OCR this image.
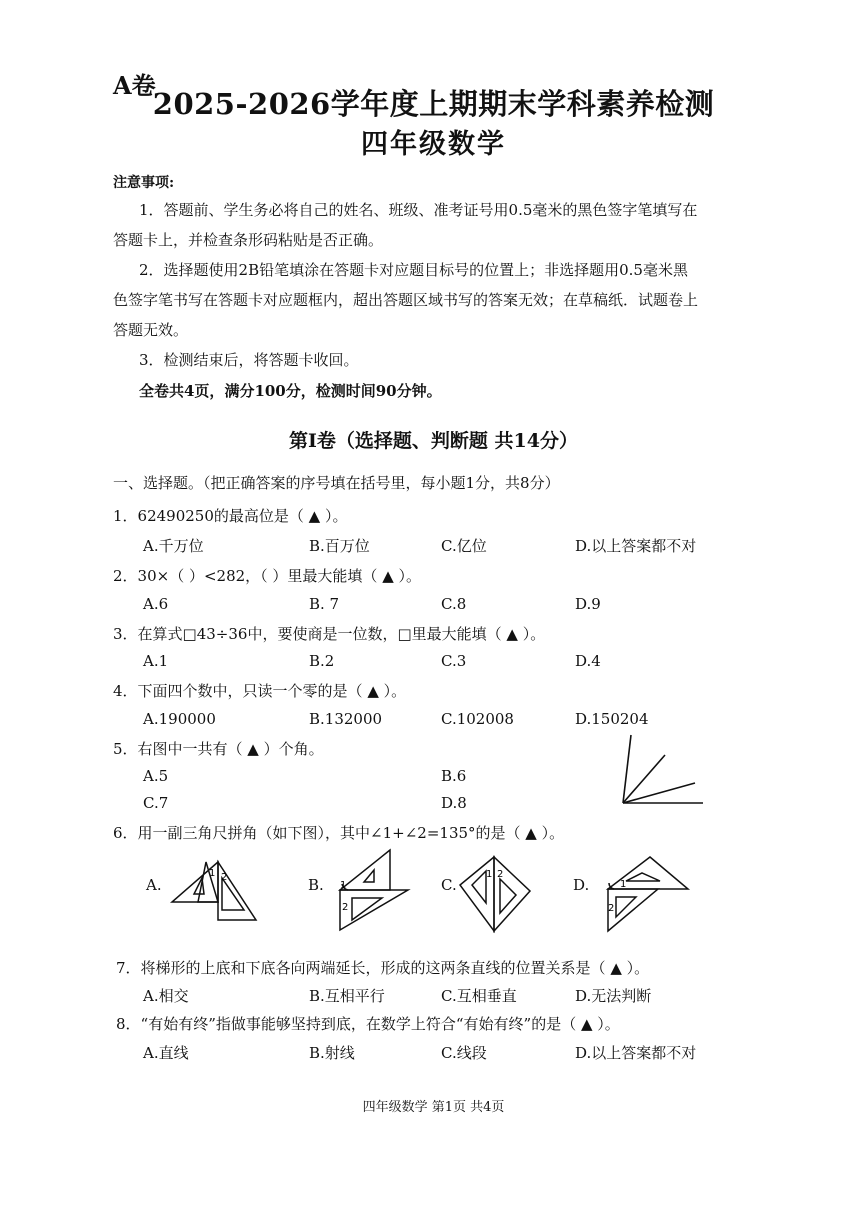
A卷
2025-2026学年度上期期末学科素养检测
四年级数学
注意事项:
1．答题前、学生务必将自己的姓名、班级、准考证号用0.5毫米的黑色签字笔填写在
答题卡上，并检查条形码粘贴是否正确。
2．选择题使用2B铅笔填涂在答题卡对应题目标号的位置上；非选择题用0.5毫米黑
色签字笔书写在答题卡对应题框内，超出答题区域书写的答案无效；在草稿纸．试题卷上
答题无效。
3．检测结束后，将答题卡收回。
全卷共4页，满分100分，检测时间90分钟。
第Ⅰ卷（选择题、判断题 共14分）
一、选择题。（把正确答案的序号填在括号里，每小题1分，共8分）
1．62490250的最高位是（ ▲ ）。
A.千万位	B.百万位	C.亿位	D.以上答案都不对
2．30×（ ）<282，（ ）里最大能填（ ▲ ）。
A.6	B. 7	C.8	D.9
3．在算式□43÷36中，要使商是一位数，□里最大能填（ ▲ ）。
A.1	B.2	C.3	D.4
4．下面四个数中，只读一个零的是（ ▲ ）。
A.190000	B.132000	C.102008	D.150204
5．右图中一共有（ ▲ ）个角。
A.5	B.6
C.7	D.8
6．用一副三角尺拼角（如下图），其中∠1+∠2=135°的是（ ▲ ）。
A.
1 2	B. 1
2
C.
1 2
D.	1
2
7．将梯形的上底和下底各向两端延长，形成的这两条直线的位置关系是（ ▲ ）。
A.相交	B.互相平行	C.互相垂直	D.无法判断
8．“有始有终”指做事能够坚持到底，在数学上符合“有始有终”的是（ ▲ ）。
A.直线	B.射线	C.线段	D.以上答案都不对
四年级数学 第1页 共4页
